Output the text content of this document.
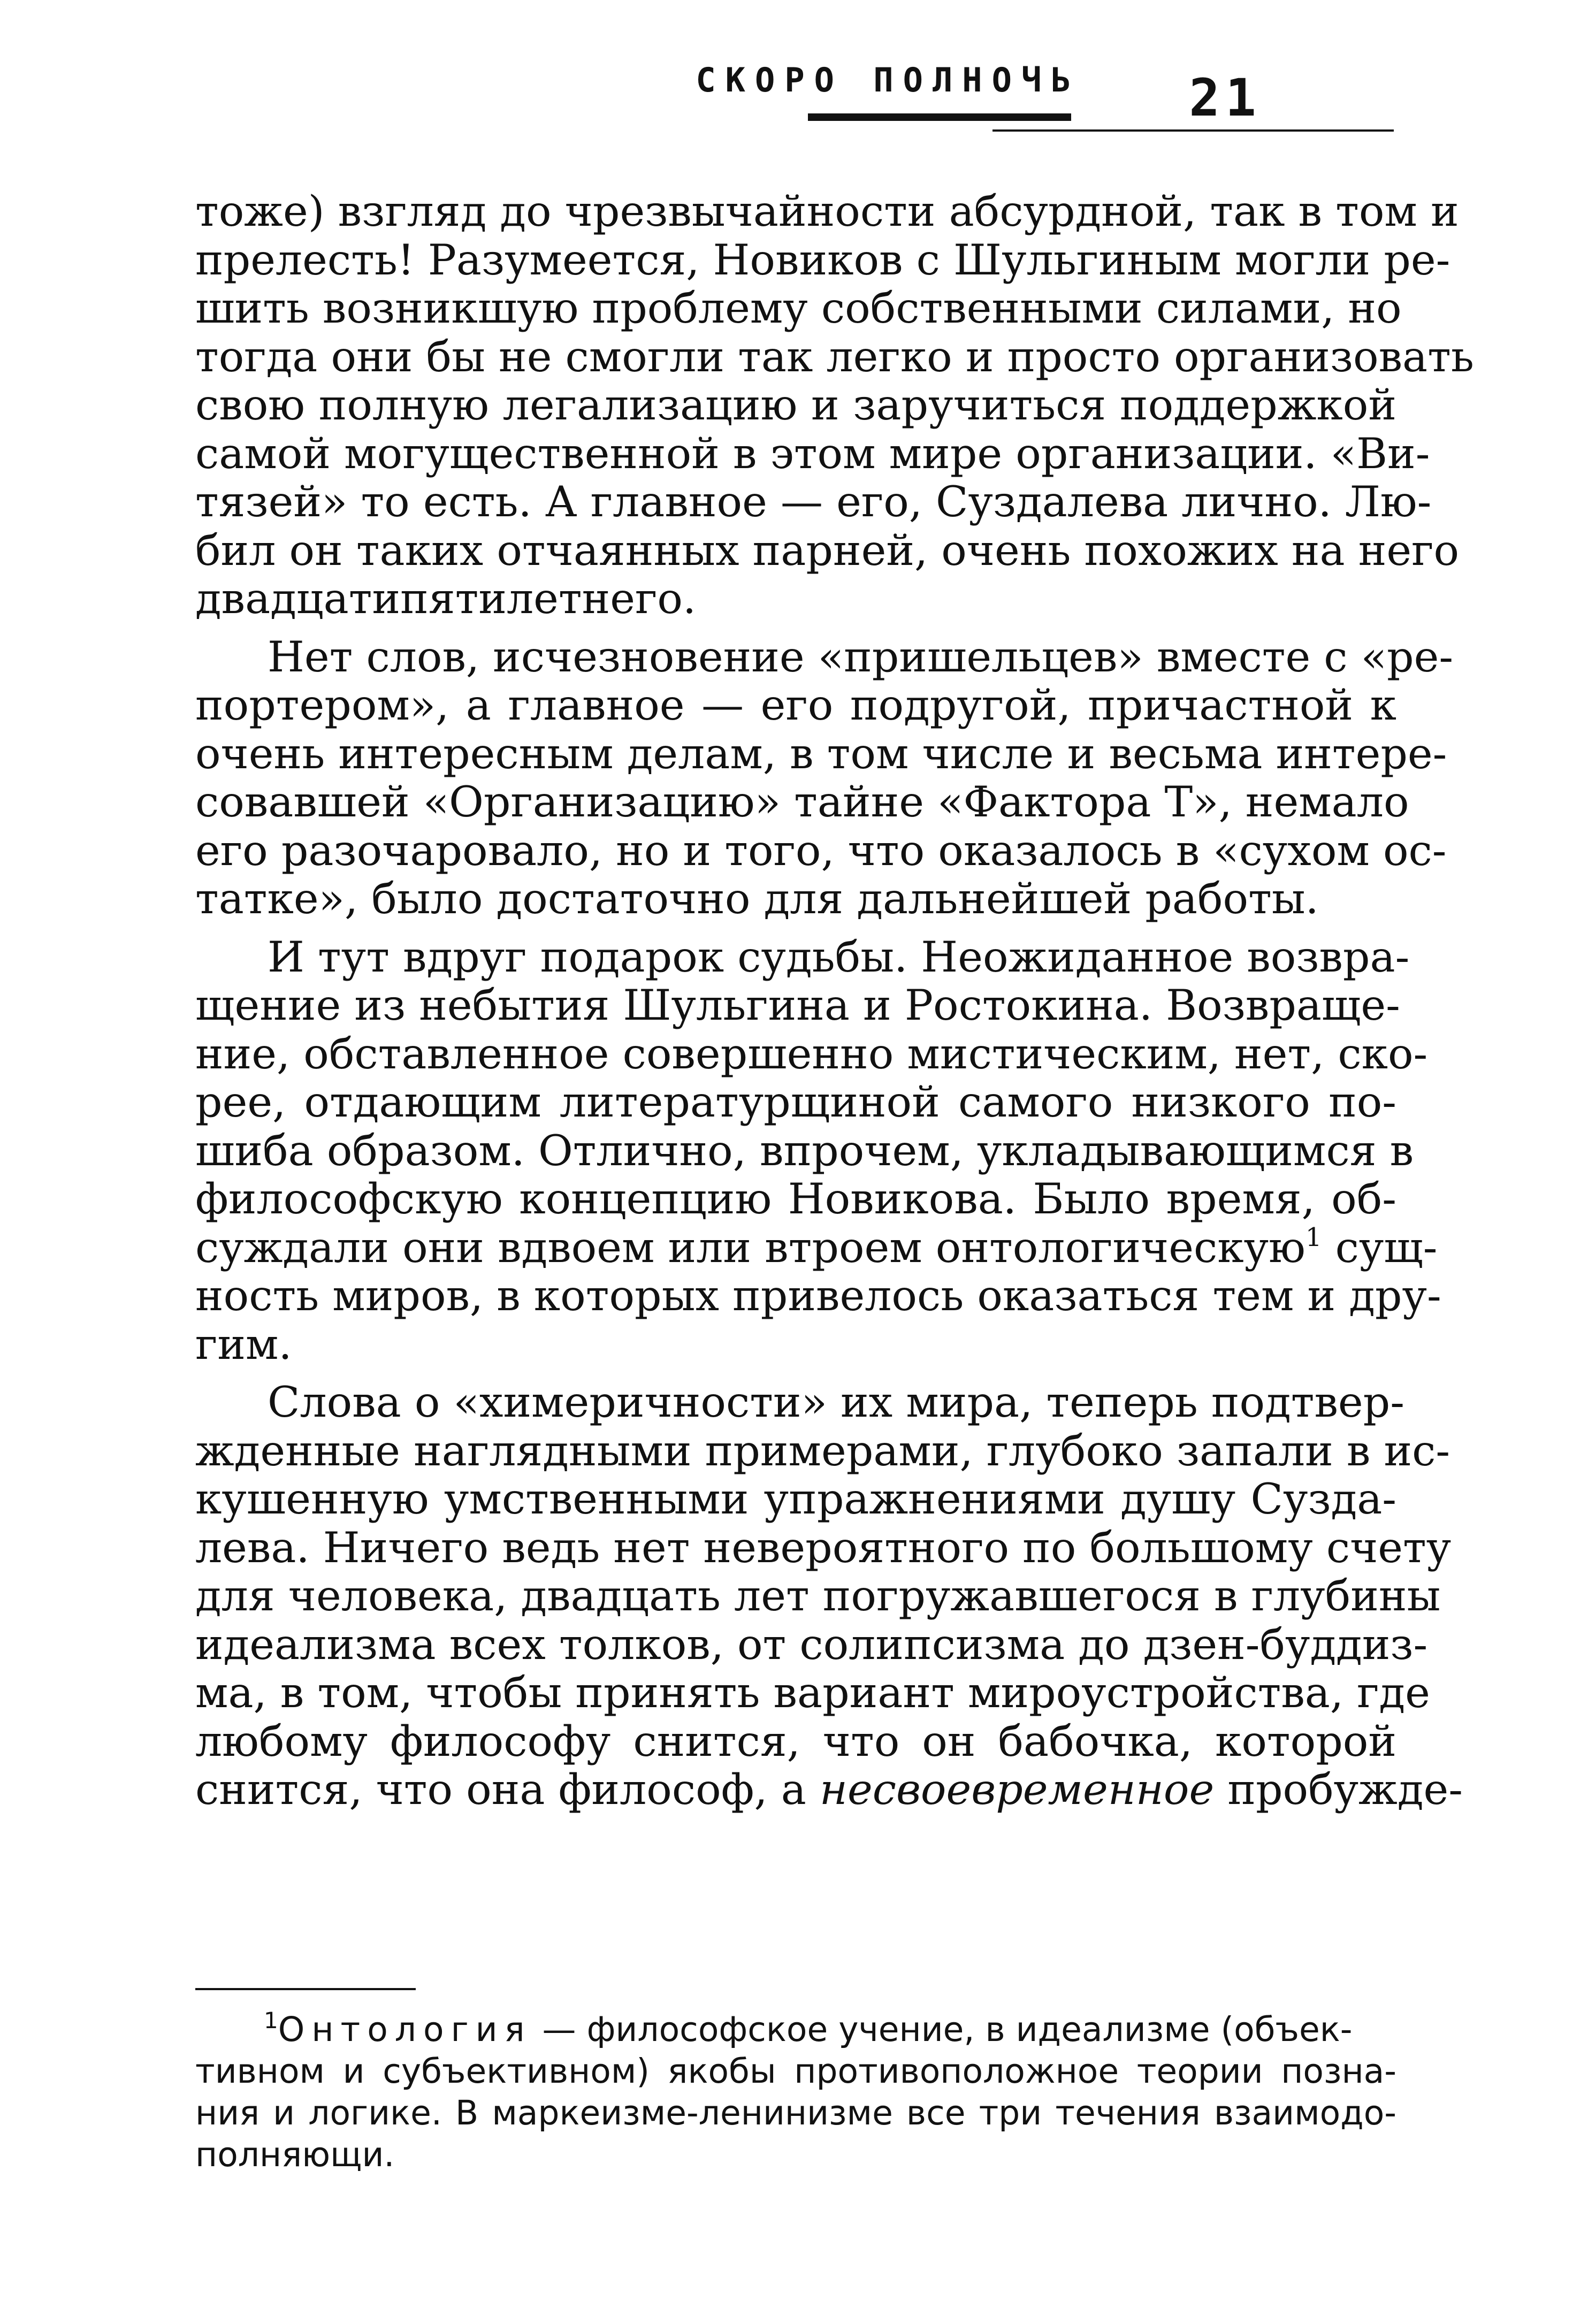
СКОРО ПОЛНОЧЬ 21
тоже) взгляд до чрезвычайности абсурдной, так в том и
прелесть! Разумеется, Новиков с Шульгиным могли ре-
шить возникшую проблему собственными силами, но
тогда они бы не смогли так легко и просто организовать
свою полную легализацию и заручиться поддержкой
самой могущественной в этом мире организации. «Ви-
тязей» то есть. А главное — его, Суздалева лично. Лю-
бил он таких отчаянных парней, очень похожих на него
двадцатипятилетнего.
Нет слов, исчезновение «пришельцев» вместе с «ре-
портером», а главное — его подругой, причастной к
очень интересным делам, в том числе и весьма интере-
совавшей «Организацию» тайне «Фактора Т», немало
его разочаровало, но и того, что оказалось в «сухом ос-
татке», было достаточно для дальнейшей работы.
И тут вдруг подарок судьбы. Неожиданное возвра-
щение из небытия Шульгина и Ростокина. Возвраще-
ние, обставленное совершенно мистическим, нет, ско-
рее, отдающим литературщиной самого низкого по-
шиба образом. Отлично, впрочем, укладывающимся в
философскую концепцию Новикова. Было время, об-
суждали они вдвоем или втроем онтологическую$^1$ сущ-
ность миров, в которых привелось оказаться тем и дру-
гим.
Слова о «химеричности» их мира, теперь подтвер-
жденные наглядными примерами, глубоко запали в ис-
кушенную умственными упражнениями душу Сузда-
лева. Ничего ведь нет невероятного по большому счету
для человека, двадцать лет погружавшегося в глубины
идеализма всех толков, от солипсизма до дзен-буддиз-
ма, в том, чтобы принять вариант мироустройства, где
любому философу снится, что он бабочка, которой
снится, что она философ, а несвоевременное пробужде-
$^1$Онтология — философское учение, в идеализме (объек-
тивном и субъективном) якобы противоположное теории позна-
ния и логике. В маркеизме-ленинизме все три течения взаимодо-
полняющи.
